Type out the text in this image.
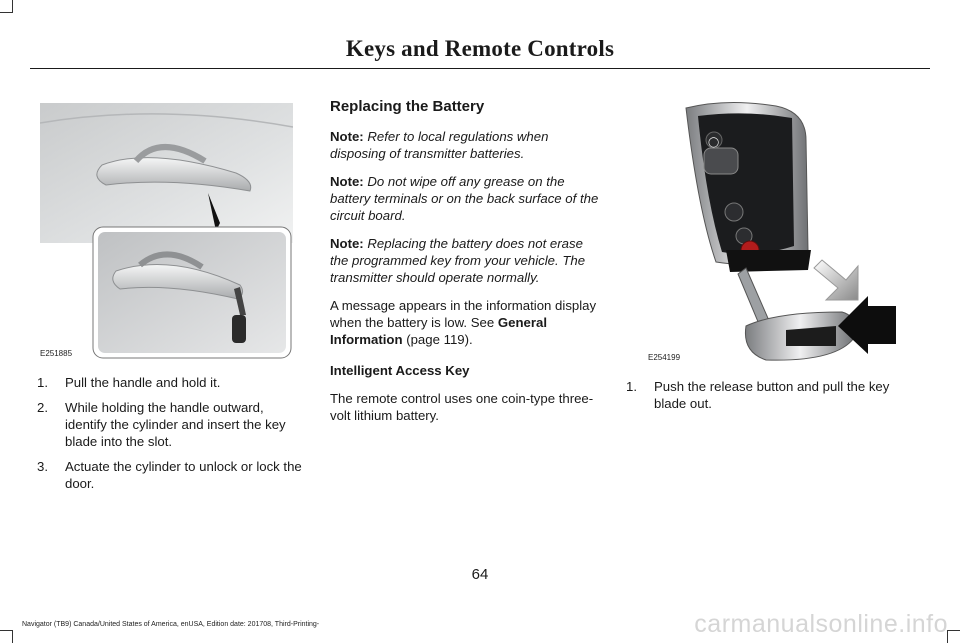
Keys and Remote Controls
E251885
1. Pull the handle and hold it.
2. While holding the handle outward, identify the cylinder and insert the key blade into the slot.
3. Actuate the cylinder to unlock or lock the door.
Replacing the Battery

Note: Refer to local regulations when disposing of transmitter batteries.

Note: Do not wipe off any grease on the battery terminals or on the back surface of the circuit board.

Note: Replacing the battery does not erase the programmed key from your vehicle. The transmitter should operate normally.

A message appears in the information display when the battery is low. See General Information (page 119).

Intelligent Access Key

The remote control uses one coin-type three-volt lithium battery.

◯
E254199
1. Push the release button and pull the key blade out.
64
Navigator (TB9) Canada/United States of America, enUSA, Edition date: 201708, Third-Printing-	carmanualsonline.info
